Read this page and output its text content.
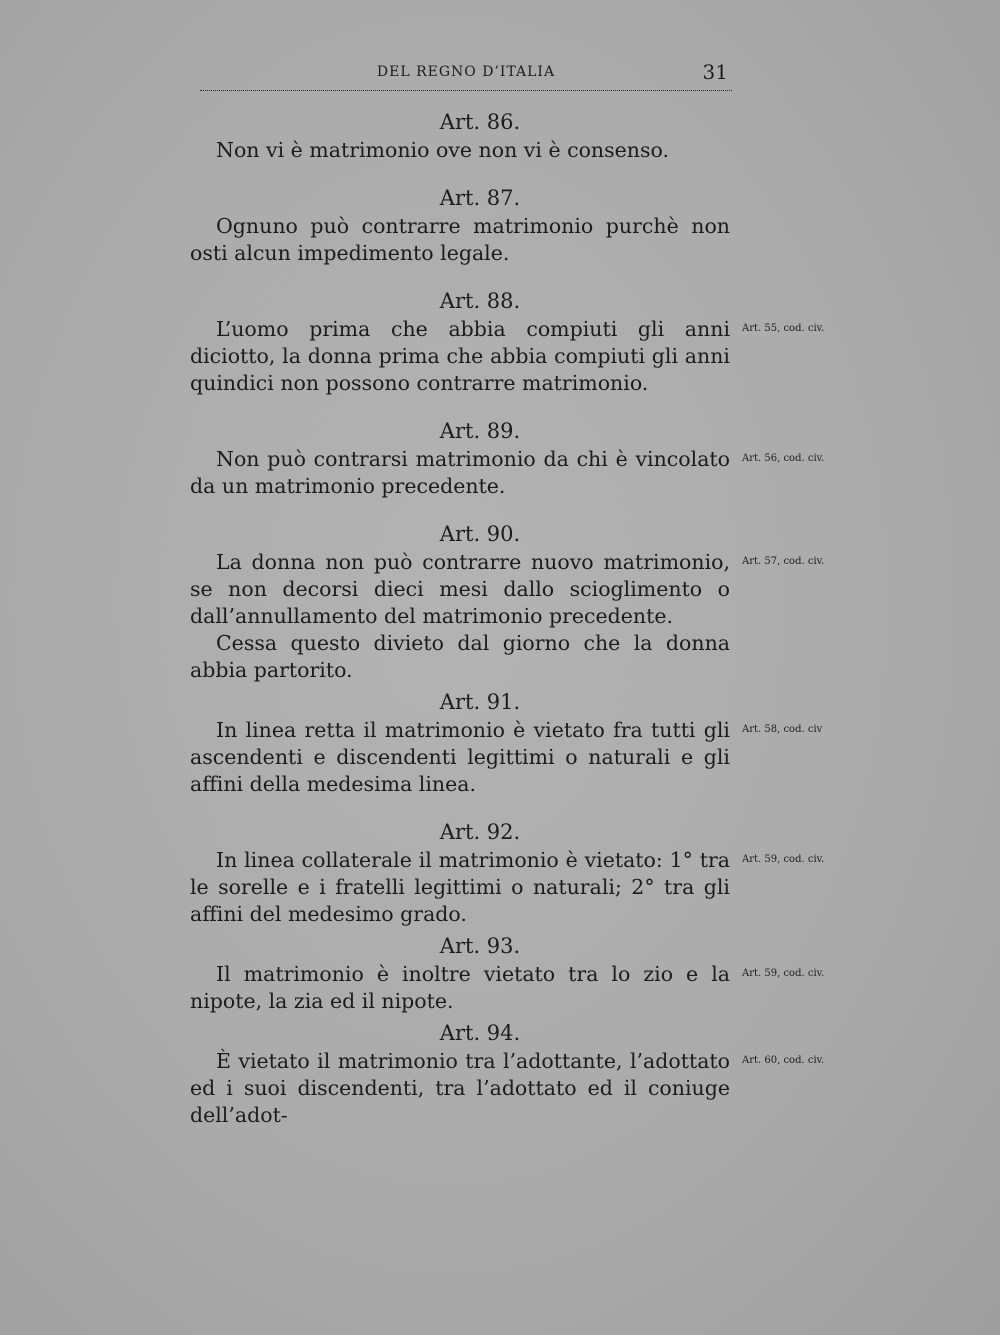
DEL REGNO D’ITALIA	31
Art. 86.

Non vi è matrimonio ove non vi è consenso.

Art. 87.

Ognuno può contrarre matrimonio purchè non osti alcun impedimento legale.

Art. 88.

L’uomo prima che abbia compiuti gli anni diciotto, la donna prima che abbia compiuti gli anni quindici non possono contrarre matrimonio.

Art. 55, cod. civ.
Art. 89.

Non può contrarsi matrimonio da chi è vincolato da un matrimonio precedente.

Art. 56, cod. civ.
Art. 90.

La donna non può contrarre nuovo matrimonio, se non decorsi dieci mesi dallo scioglimento o dall’annullamento del matrimonio precedente.

Cessa questo divieto dal giorno che la donna abbia partorito.

Art. 57, cod. civ.
Art. 91.

In linea retta il matrimonio è vietato fra tutti gli ascendenti e discendenti legittimi o naturali e gli affini della medesima linea.

Art. 58, cod. civ
Art. 92.

In linea collaterale il matrimonio è vietato: 1° tra le sorelle e i fratelli legittimi o naturali; 2° tra gli affini del medesimo grado.

Art. 59, cod. civ.
Art. 93.

Il matrimonio è inoltre vietato tra lo zio e la nipote, la zia ed il nipote.

Art. 59, cod. civ.
Art. 94.

È vietato il matrimonio tra l’adottante, l’adottato ed i suoi discendenti, tra l’adottato ed il coniuge dell’adot-

Art. 60, cod. civ.
